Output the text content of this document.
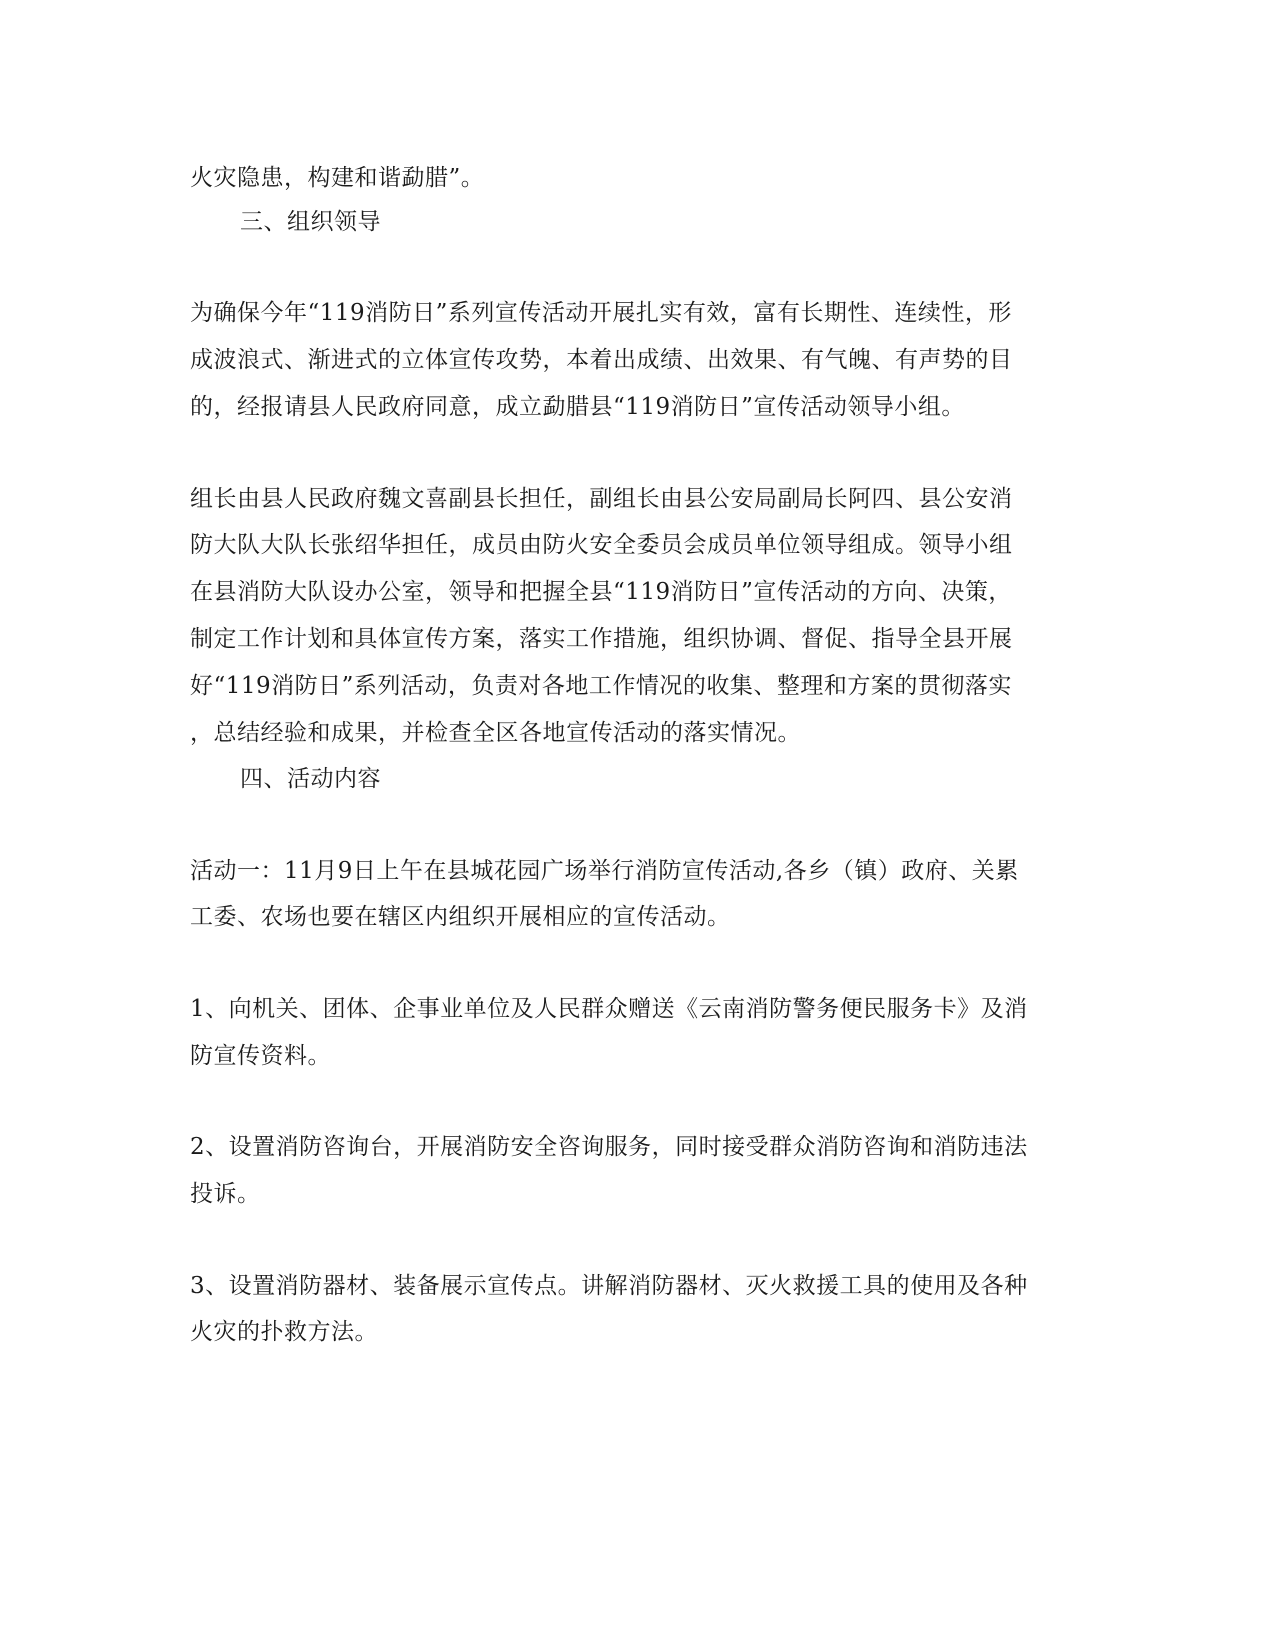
火灾隐患，构建和谐勐腊”。
三、组织领导
为确保今年“119消防日”系列宣传活动开展扎实有效，富有长期性、连续性，形
成波浪式、渐进式的立体宣传攻势，本着出成绩、出效果、有气魄、有声势的目
的，经报请县人民政府同意，成立勐腊县“119消防日”宣传活动领导小组。
组长由县人民政府魏文喜副县长担任，副组长由县公安局副局长阿四、县公安消
防大队大队长张绍华担任，成员由防火安全委员会成员单位领导组成。领导小组
在县消防大队设办公室，领导和把握全县“119消防日”宣传活动的方向、决策，
制定工作计划和具体宣传方案，落实工作措施，组织协调、督促、指导全县开展
好“119消防日”系列活动，负责对各地工作情况的收集、整理和方案的贯彻落实
，总结经验和成果，并检查全区各地宣传活动的落实情况。
四、活动内容
活动一：11月9日上午在县城花园广场举行消防宣传活动,各乡（镇）政府、关累
工委、农场也要在辖区内组织开展相应的宣传活动。
1、向机关、团体、企事业单位及人民群众赠送《云南消防警务便民服务卡》及消
防宣传资料。
2、设置消防咨询台，开展消防安全咨询服务，同时接受群众消防咨询和消防违法
投诉。
3、设置消防器材、装备展示宣传点。讲解消防器材、灭火救援工具的使用及各种
火灾的扑救方法。
